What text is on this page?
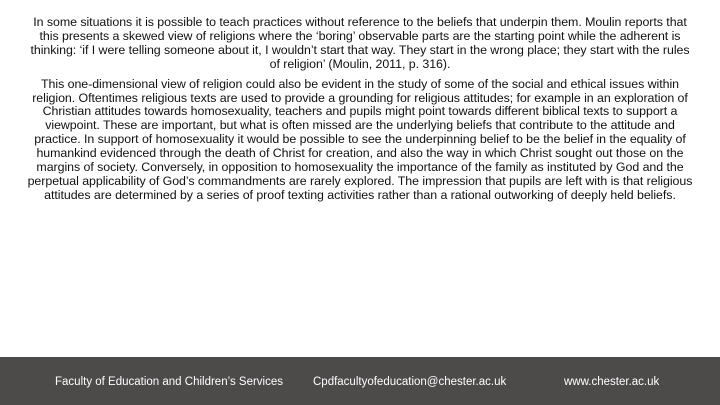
In some situations it is possible to teach practices without reference to the beliefs that underpin them. Moulin reports that this presents a skewed view of religions where the ‘boring’ observable parts are the starting point while the adherent is thinking: ‘if I were telling someone about it, I wouldn’t start that way. They start in the wrong place; they start with the rules of religion’ (Moulin, 2011, p. 316).

This one-dimensional view of religion could also be evident in the study of some of the social and ethical issues within religion. Oftentimes religious texts are used to provide a grounding for religious attitudes; for example in an exploration of Christian attitudes towards homosexuality, teachers and pupils might point towards different biblical texts to support a viewpoint. These are important, but what is often missed are the underlying beliefs that contribute to the attitude and practice. In support of homosexuality it would be possible to see the underpinning belief to be the belief in the equality of humankind evidenced through the death of Christ for creation, and also the way in which Christ sought out those on the margins of society. Conversely, in opposition to homosexuality the importance of the family as instituted by God and the perpetual applicability of God’s commandments are rarely explored. The impression that pupils are left with is that religious attitudes are determined by a series of proof texting activities rather than a rational outworking of deeply held beliefs.

Faculty of Education and Children’s Services	Cpdfacultyofeducation@chester.ac.uk	www.chester.ac.uk
